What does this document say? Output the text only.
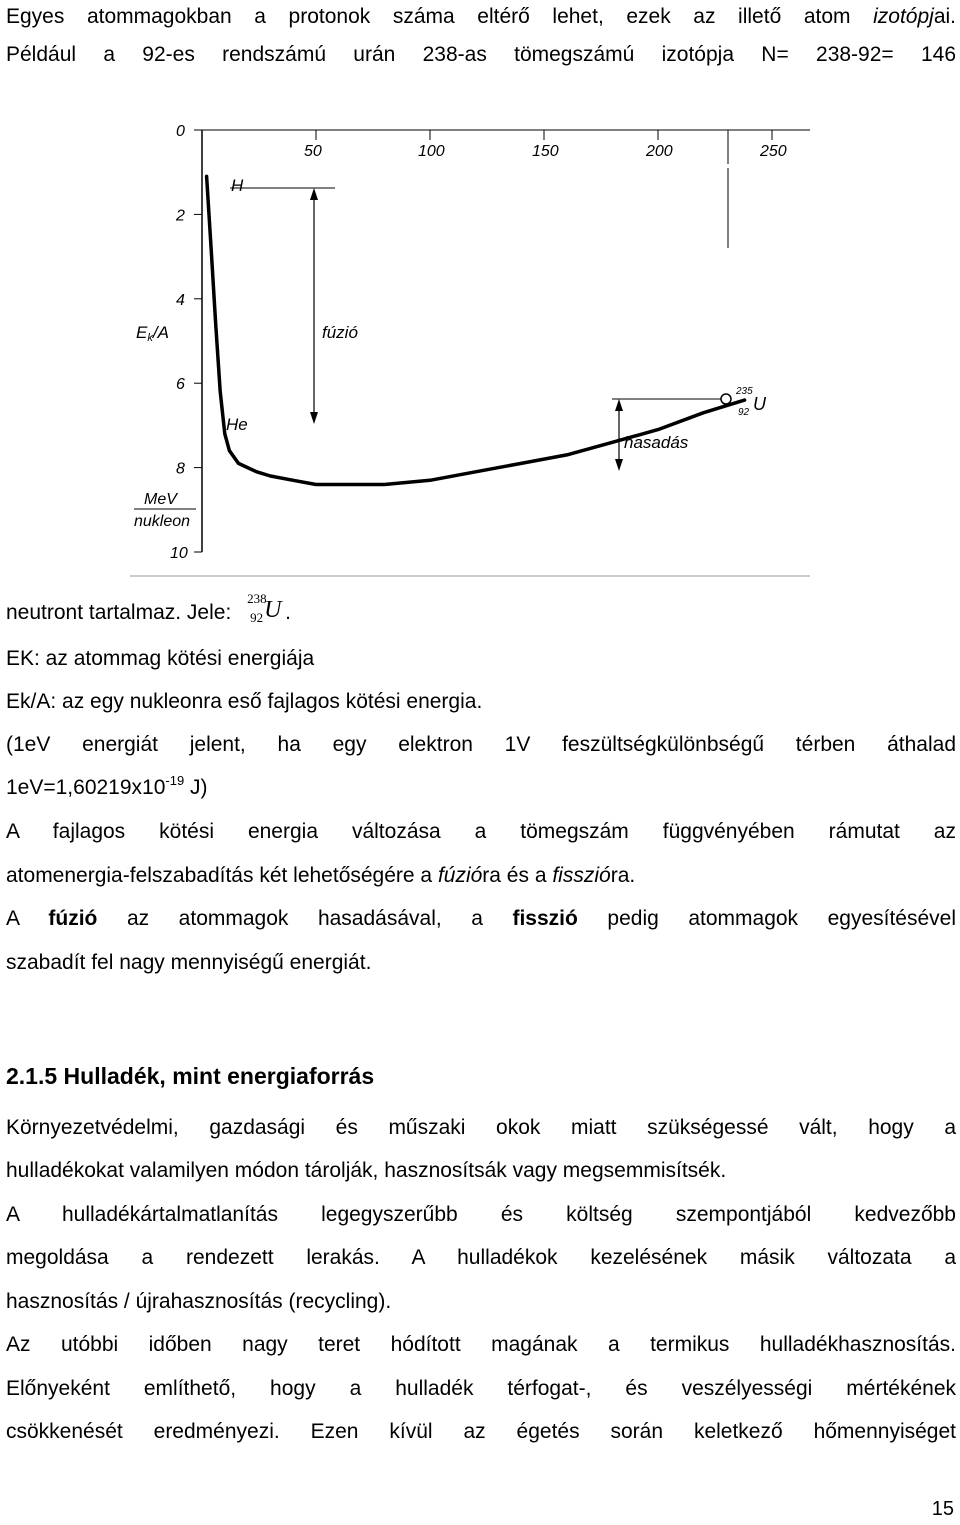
Egyes atommagokban a protonok száma eltérő lehet, ezek az illető atom izotópjai.
Például a 92-es rendszámú urán 238-as tömegszámú izotópja N= 238-92= 146
50	100	150	200	250
0
2
4
6
8
10
Ek/A
MeV
nukleon
H
He
fúzió
hasadás
235
92 U
neutront tartalmaz. Jele:
238
92 U .
EK: az atommag kötési energiája
Ek/A: az egy nukleonra eső fajlagos kötési energia.
(1eV energiát jelent, ha egy elektron 1V feszültségkülönbségű térben áthalad
$1eV=1,60219x10^{-19}$ J)
A fajlagos kötési energia változása a tömegszám függvényében rámutat az
atomenergia-felszabadítás két lehetőségére a fúzióra és a fisszióra.
A fúzió az atommagok hasadásával, a fisszió pedig atommagok egyesítésével
szabadít fel nagy mennyiségű energiát.
2.1.5 Hulladék, mint energiaforrás
Környezetvédelmi, gazdasági és műszaki okok miatt szükségessé vált, hogy a
hulladékokat valamilyen módon tárolják, hasznosítsák vagy megsemmisítsék.
A hulladékártalmatlanítás legegyszerűbb és költség szempontjából kedvezőbb
megoldása a rendezett lerakás. A hulladékok kezelésének másik változata a
hasznosítás / újrahasznosítás (recycling).
Az utóbbi időben nagy teret hódított magának a termikus hulladékhasznosítás.
Előnyeként említhető, hogy a hulladék térfogat-, és veszélyességi mértékének
csökkenését eredményezi. Ezen kívül az égetés során keletkező hőmennyiséget
15
